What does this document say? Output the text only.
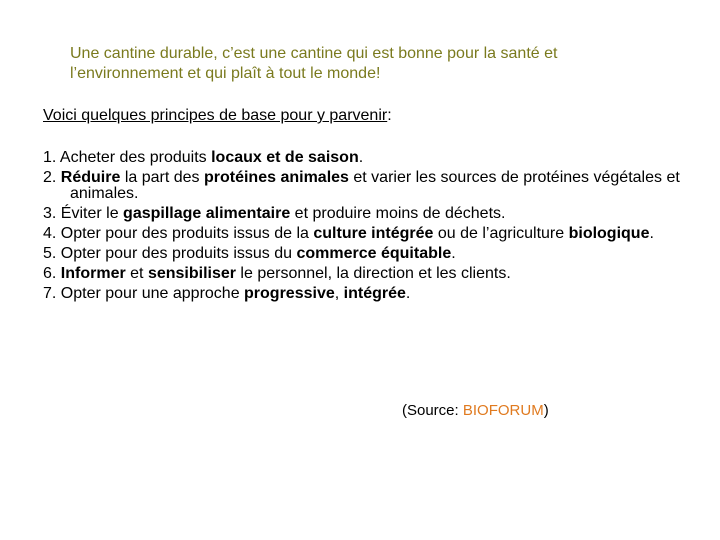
Une cantine durable, c’est une cantine qui est bonne pour la santé et
l’environnement et qui plaît à tout le monde!

Voici quelques principes de base pour y parvenir:

1. Acheter des produits locaux et de saison.
2. Réduire la part des protéines animales et varier les sources de protéines végétales et animales.
3. Éviter le gaspillage alimentaire et produire moins de déchets.
4. Opter pour des produits issus de la culture intégrée ou de l’agriculture biologique.
5. Opter pour des produits issus du commerce équitable.
6. Informer et sensibiliser le personnel, la direction et les clients.
7. Opter pour une approche progressive, intégrée.

(Source: BIOFORUM)
